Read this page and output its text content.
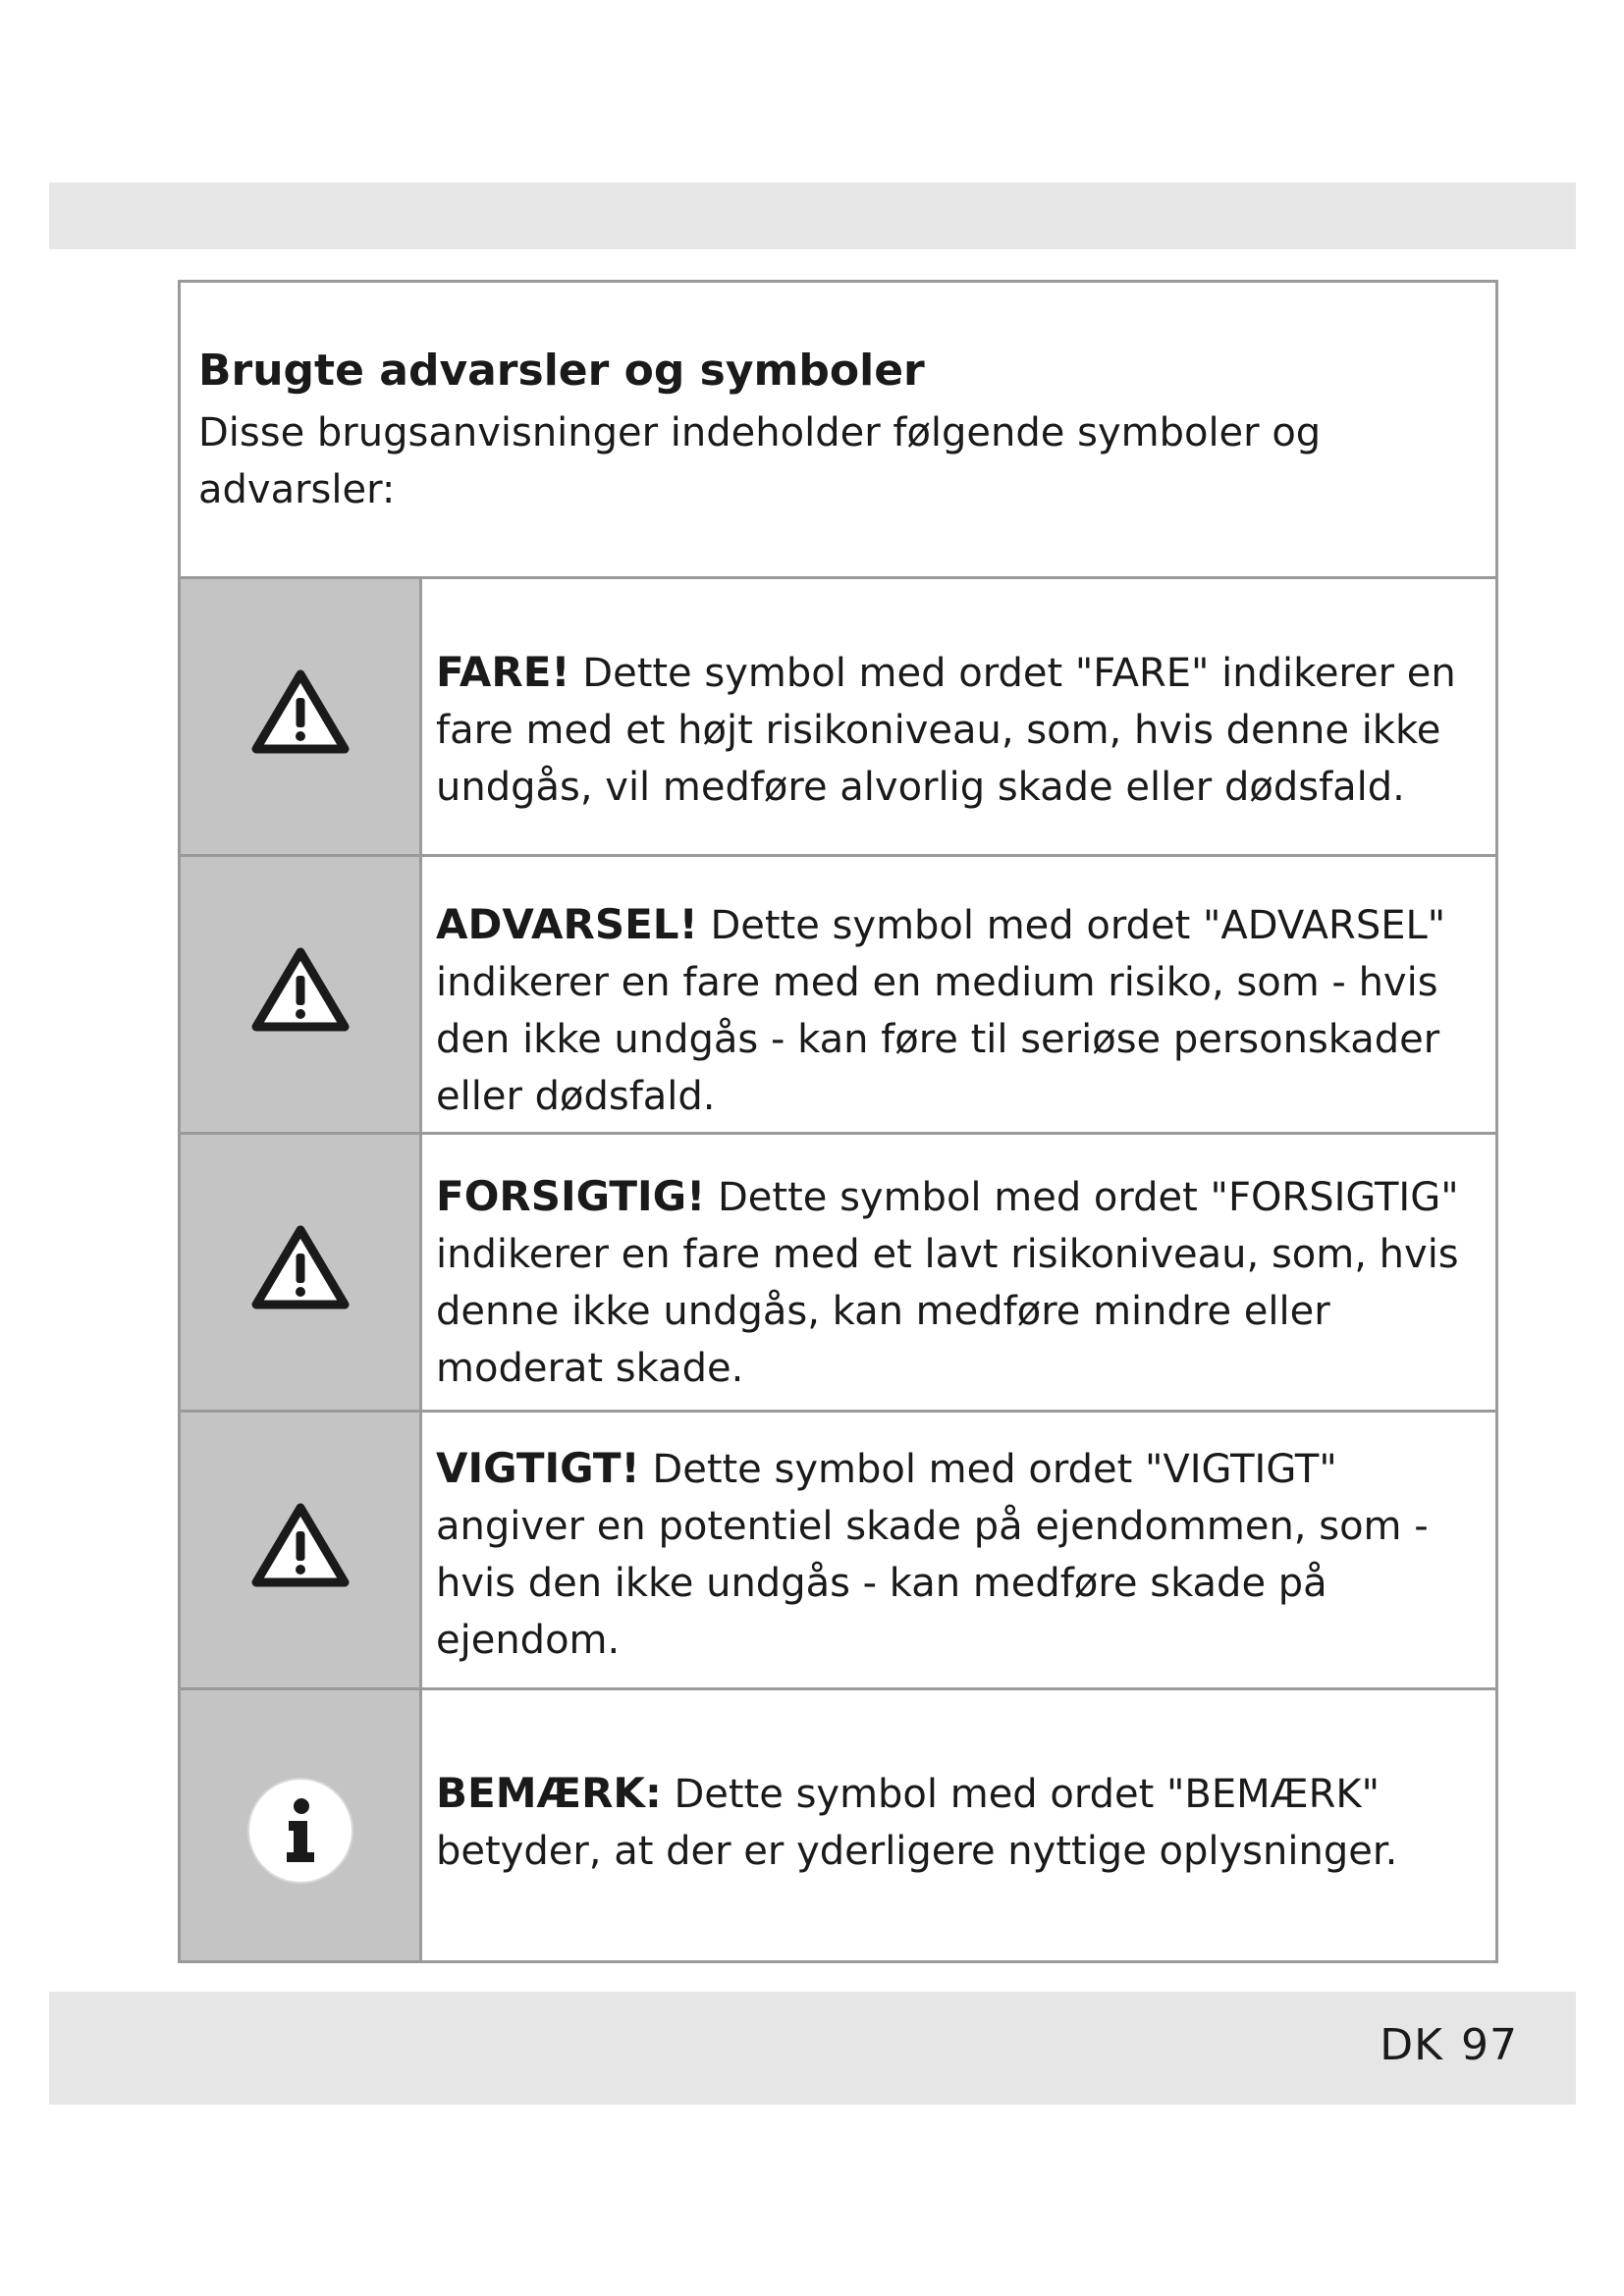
Brugte advarsler og symboler

Disse brugsanvisninger indeholder følgende symboler og advarsler:

FARE! Dette symbol med ordet "FARE" indikerer en fare med et højt risikoniveau, som, hvis denne ikke undgås, vil medføre alvorlig skade eller dødsfald.

ADVARSEL! Dette symbol med ordet "ADVARSEL" indikerer en fare med en medium risiko, som - hvis den ikke undgås - kan føre til seriøse personskader eller dødsfald.

FORSIGTIG! Dette symbol med ordet "FORSIGTIG" indikerer en fare med et lavt risikoniveau, som, hvis denne ikke undgås, kan medføre mindre eller moderat skade.

VIGTIGT! Dette symbol med ordet "VIGTIGT" angiver en potentiel skade på ejendommen, som - hvis den ikke undgås - kan medføre skade på ejendom.

BEMÆRK: Dette symbol med ordet "BEMÆRK" betyder, at der er yderligere nyttige oplysninger.

DK 97
